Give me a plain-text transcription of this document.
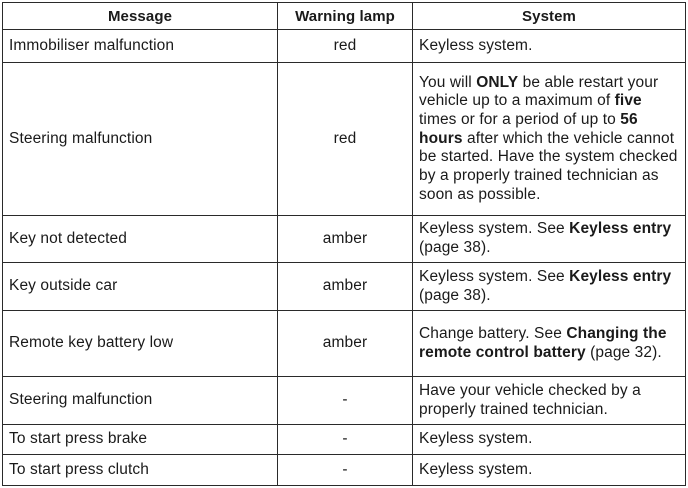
Message	Warning lamp	System
Immobiliser malfunction	red	Keyless system.
Steering malfunction	red	You will ONLY be able restart your vehicle up to a maximum of five times or for a period of up to 56 hours after which the vehicle cannot be started. Have the system checked by a properly trained technician as soon as possible.
Key not detected	amber	Keyless system. See Keyless entry (page 38).
Key outside car	amber	Keyless system. See Keyless entry (page 38).
Remote key battery low	amber	Change battery. See Changing the remote control battery (page 32).
Steering malfunction	-	Have your vehicle checked by a properly trained technician.
To start press brake	-	Keyless system.
To start press clutch	-	Keyless system.
